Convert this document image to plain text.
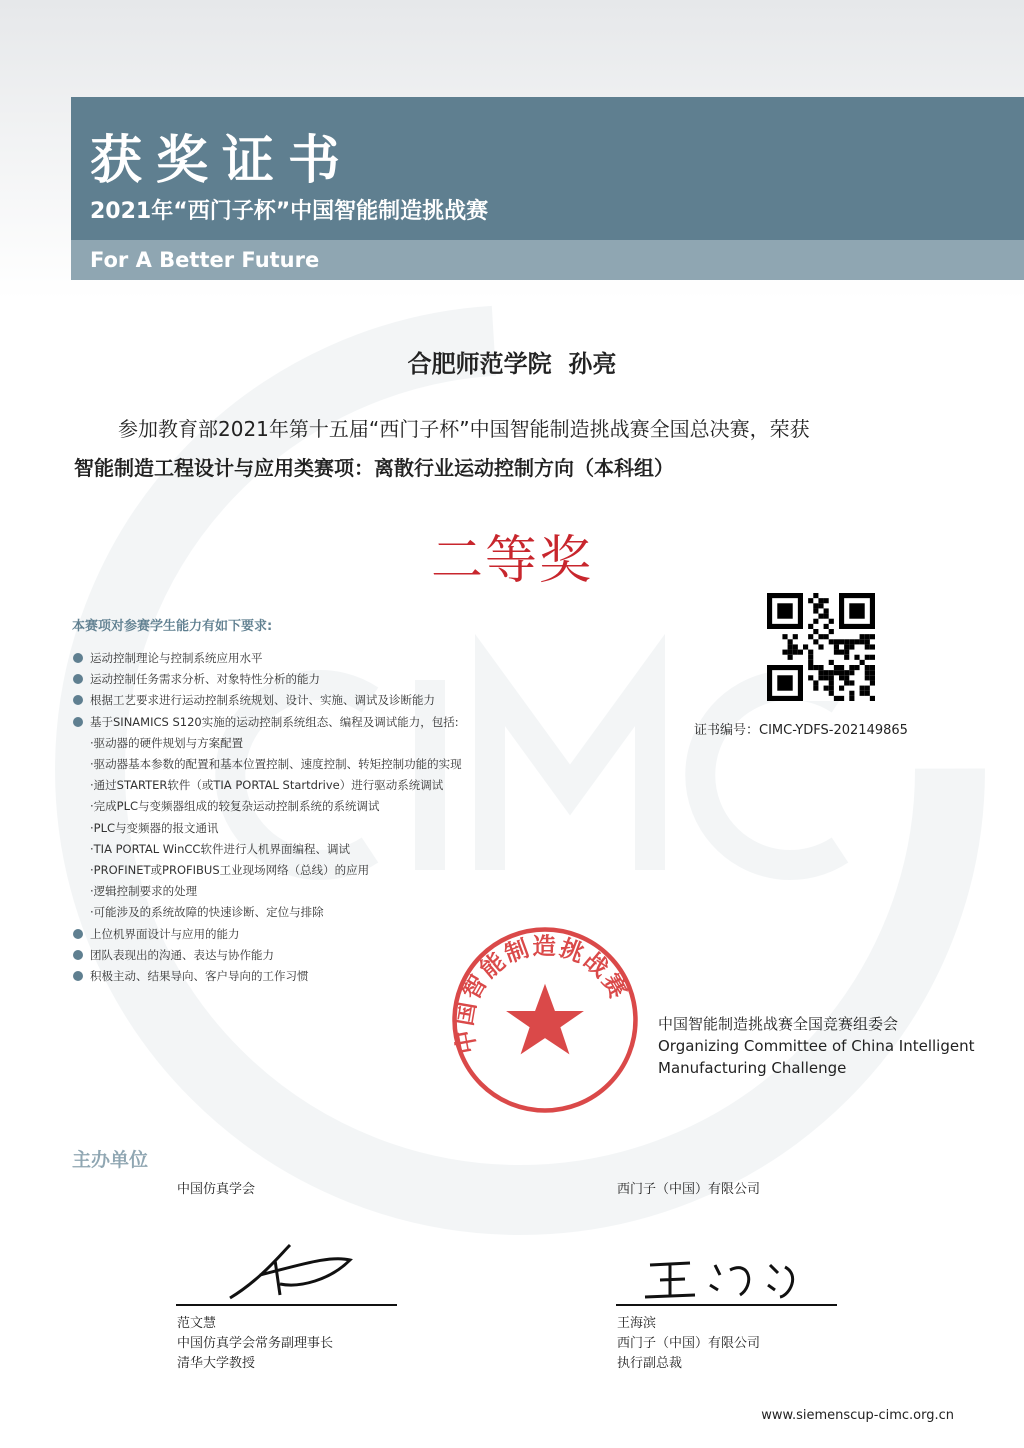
获奖证书
2021年“西门子杯”中国智能制造挑战赛
For A Better Future
合肥师范学院  孙亮
参加教育部2021年第十五届“西门子杯”中国智能制造挑战赛全国总决赛，荣获
智能制造工程设计与应用类赛项：离散行业运动控制方向（本科组）
二等奖
本赛项对参赛学生能力有如下要求:
运动控制理论与控制系统应用水平
运动控制任务需求分析、对象特性分析的能力
根据工艺要求进行运动控制系统规划、设计、实施、调试及诊断能力
基于SINAMICS S120实施的运动控制系统组态、编程及调试能力，包括:
·驱动器的硬件规划与方案配置
·驱动器基本参数的配置和基本位置控制、速度控制、转矩控制功能的实现
·通过STARTER软件（或TIA PORTAL Startdrive）进行驱动系统调试
·完成PLC与变频器组成的较复杂运动控制系统的系统调试
·PLC与变频器的报文通讯
·TIA PORTAL WinCC软件进行人机界面编程、调试
·PROFINET或PROFIBUS工业现场网络（总线）的应用
·逻辑控制要求的处理
·可能涉及的系统故障的快速诊断、定位与排除
上位机界面设计与应用的能力
团队表现出的沟通、表达与协作能力
积极主动、结果导向、客户导向的工作习惯
证书编号：CIMC-YDFS-202149865
中国智能制造挑战赛
中国智能制造挑战赛全国竞赛组委会
Organizing Committee of China Intelligent
Manufacturing Challenge
主办单位
中国仿真学会	西门子（中国）有限公司
范文慧
中国仿真学会常务副理事长
清华大学教授
王海滨
西门子（中国）有限公司
执行副总裁
www.siemenscup-cimc.org.cn
